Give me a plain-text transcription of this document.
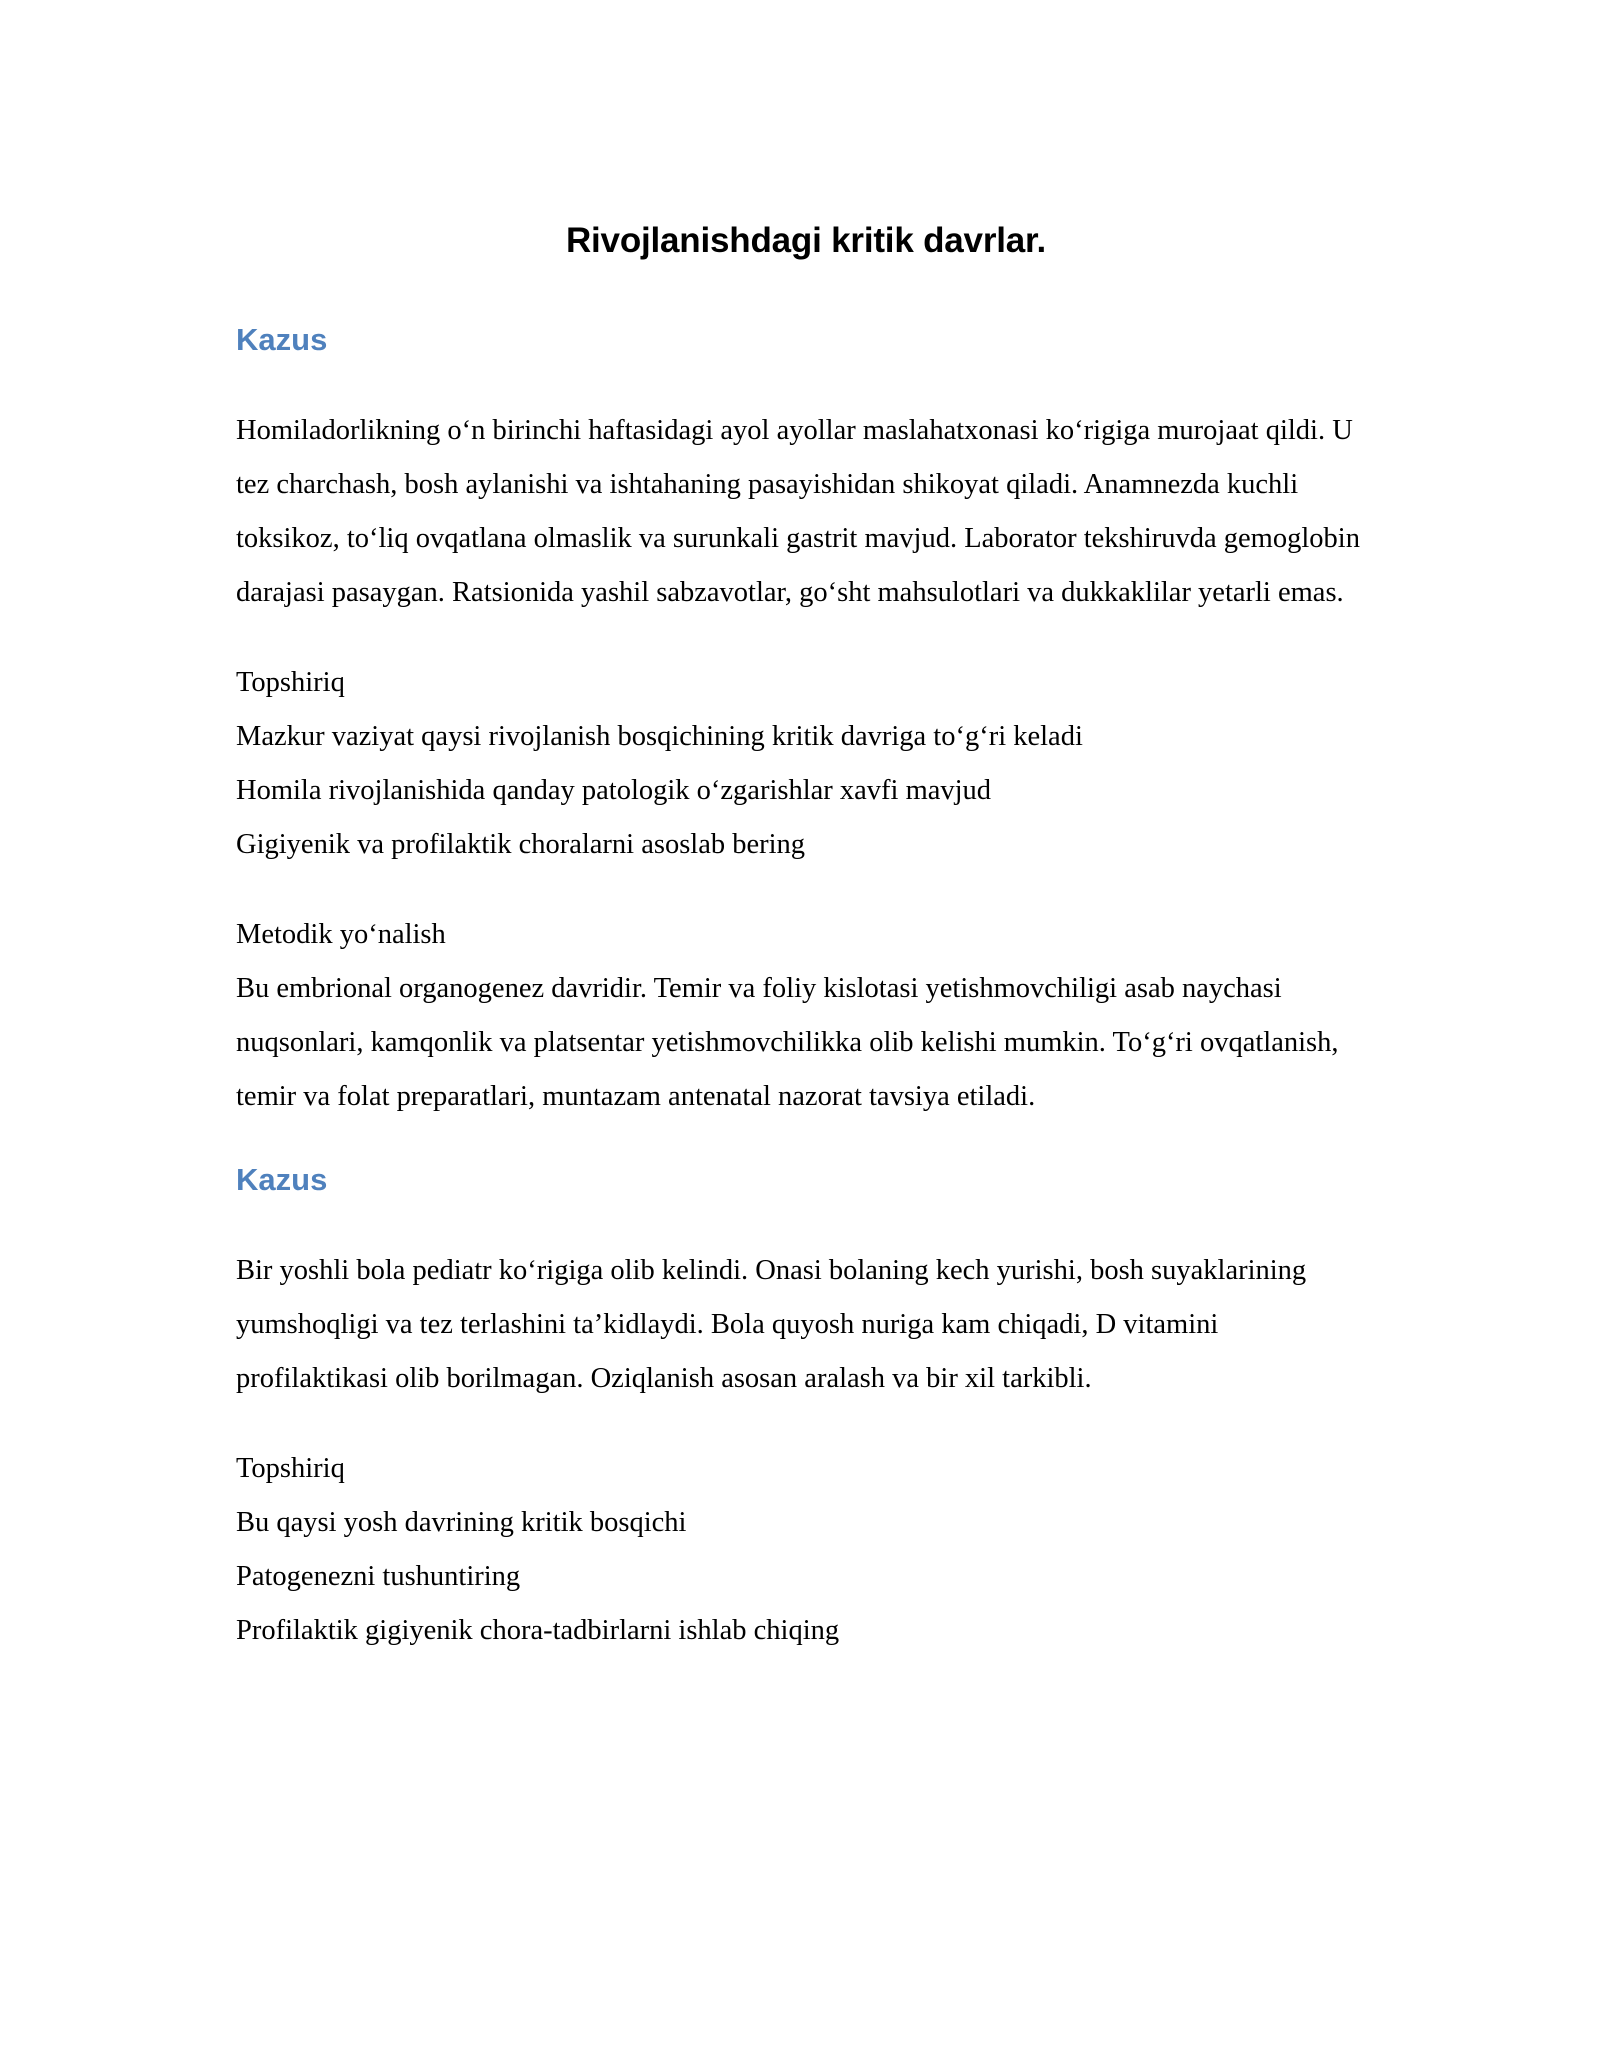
Rivojlanishdagi kritik davrlar.
Kazus

Homiladorlikning o‘n birinchi haftasidagi ayol ayollar maslahatxonasi ko‘rigiga murojaat qildi. U tez charchash, bosh aylanishi va ishtahaning pasayishidan shikoyat qiladi. Anamnezda kuchli toksikoz, to‘liq ovqatlana olmaslik va surunkali gastrit mavjud. Laborator tekshiruvda gemoglobin darajasi pasaygan. Ratsionida yashil sabzavotlar, go‘sht mahsulotlari va dukkaklilar yetarli emas.

Topshiriq
Mazkur vaziyat qaysi rivojlanish bosqichining kritik davriga to‘g‘ri keladi
Homila rivojlanishida qanday patologik o‘zgarishlar xavfi mavjud
Gigiyenik va profilaktik choralarni asoslab bering
Metodik yo‘nalish
Bu embrional organogenez davridir. Temir va foliy kislotasi yetishmovchiligi asab naychasi nuqsonlari, kamqonlik va platsentar yetishmovchilikka olib kelishi mumkin. To‘g‘ri ovqatlanish, temir va folat preparatlari, muntazam antenatal nazorat tavsiya etiladi.
Kazus

Bir yoshli bola pediatr ko‘rigiga olib kelindi. Onasi bolaning kech yurishi, bosh suyaklarining yumshoqligi va tez terlashini ta’kidlaydi. Bola quyosh nuriga kam chiqadi, D vitamini profilaktikasi olib borilmagan. Oziqlanish asosan aralash va bir xil tarkibli.

Topshiriq
Bu qaysi yosh davrining kritik bosqichi
Patogenezni tushuntiring
Profilaktik gigiyenik chora-tadbirlarni ishlab chiqing
